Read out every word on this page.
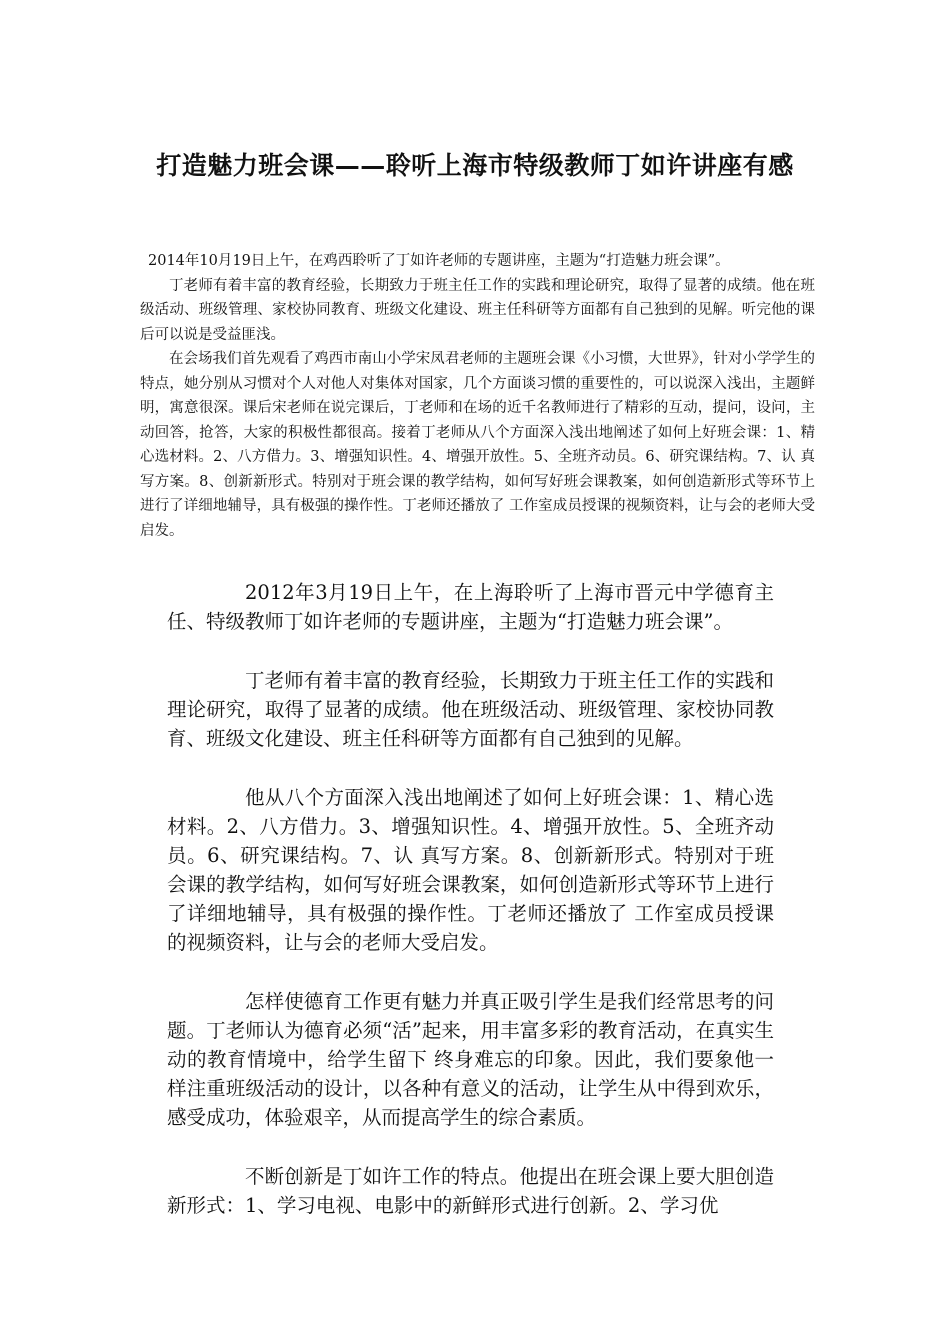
打造魅力班会课——聆听上海市特级教师丁如许讲座有感

2014年10月19日上午，在鸡西聆听了丁如许老师的专题讲座，主题为“打造魅力班会课”。

丁老师有着丰富的教育经验，长期致力于班主任工作的实践和理论研究，取得了显著的成绩。他在班级活动、班级管理、家校协同教育、班级文化建设、班主任科研等方面都有自己独到的见解。听完他的课后可以说是受益匪浅。

在会场我们首先观看了鸡西市南山小学宋凤君老师的主题班会课《小习惯，大世界》，针对小学学生的特点，她分别从习惯对个人对他人对集体对国家，几个方面谈习惯的重要性的，可以说深入浅出，主题鲜明，寓意很深。课后宋老师在说完课后，丁老师和在场的近千名教师进行了精彩的互动，提问，设问，主动回答，抢答，大家的积极性都很高。接着丁老师从八个方面深入浅出地阐述了如何上好班会课：1、精心选材料。2、八方借力。3、增强知识性。4、增强开放性。5、全班齐动员。6、研究课结构。7、认 真写方案。8、创新新形式。特别对于班会课的教学结构，如何写好班会课教案，如何创造新形式等环节上进行了详细地辅导，具有极强的操作性。丁老师还播放了 工作室成员授课的视频资料，让与会的老师大受启发。

2012年3月19日上午，在上海聆听了上海市晋元中学德育主任、特级教师丁如许老师的专题讲座，主题为“打造魅力班会课”。

丁老师有着丰富的教育经验，长期致力于班主任工作的实践和理论研究，取得了显著的成绩。他在班级活动、班级管理、家校协同教育、班级文化建设、班主任科研等方面都有自己独到的见解。

他从八个方面深入浅出地阐述了如何上好班会课：1、精心选材料。2、八方借力。3、增强知识性。4、增强开放性。5、全班齐动员。6、研究课结构。7、认 真写方案。8、创新新形式。特别对于班会课的教学结构，如何写好班会课教案，如何创造新形式等环节上进行了详细地辅导，具有极强的操作性。丁老师还播放了 工作室成员授课的视频资料，让与会的老师大受启发。

怎样使德育工作更有魅力并真正吸引学生是我们经常思考的问题。丁老师认为德育必须“活”起来，用丰富多彩的教育活动，在真实生动的教育情境中，给学生留下 终身难忘的印象。因此，我们要象他一样注重班级活动的设计，以各种有意义的活动，让学生从中得到欢乐，感受成功，体验艰辛，从而提高学生的综合素质。

不断创新是丁如许工作的特点。他提出在班会课上要大胆创造新形式：1、学习电视、电影中的新鲜形式进行创新。2、学习优
